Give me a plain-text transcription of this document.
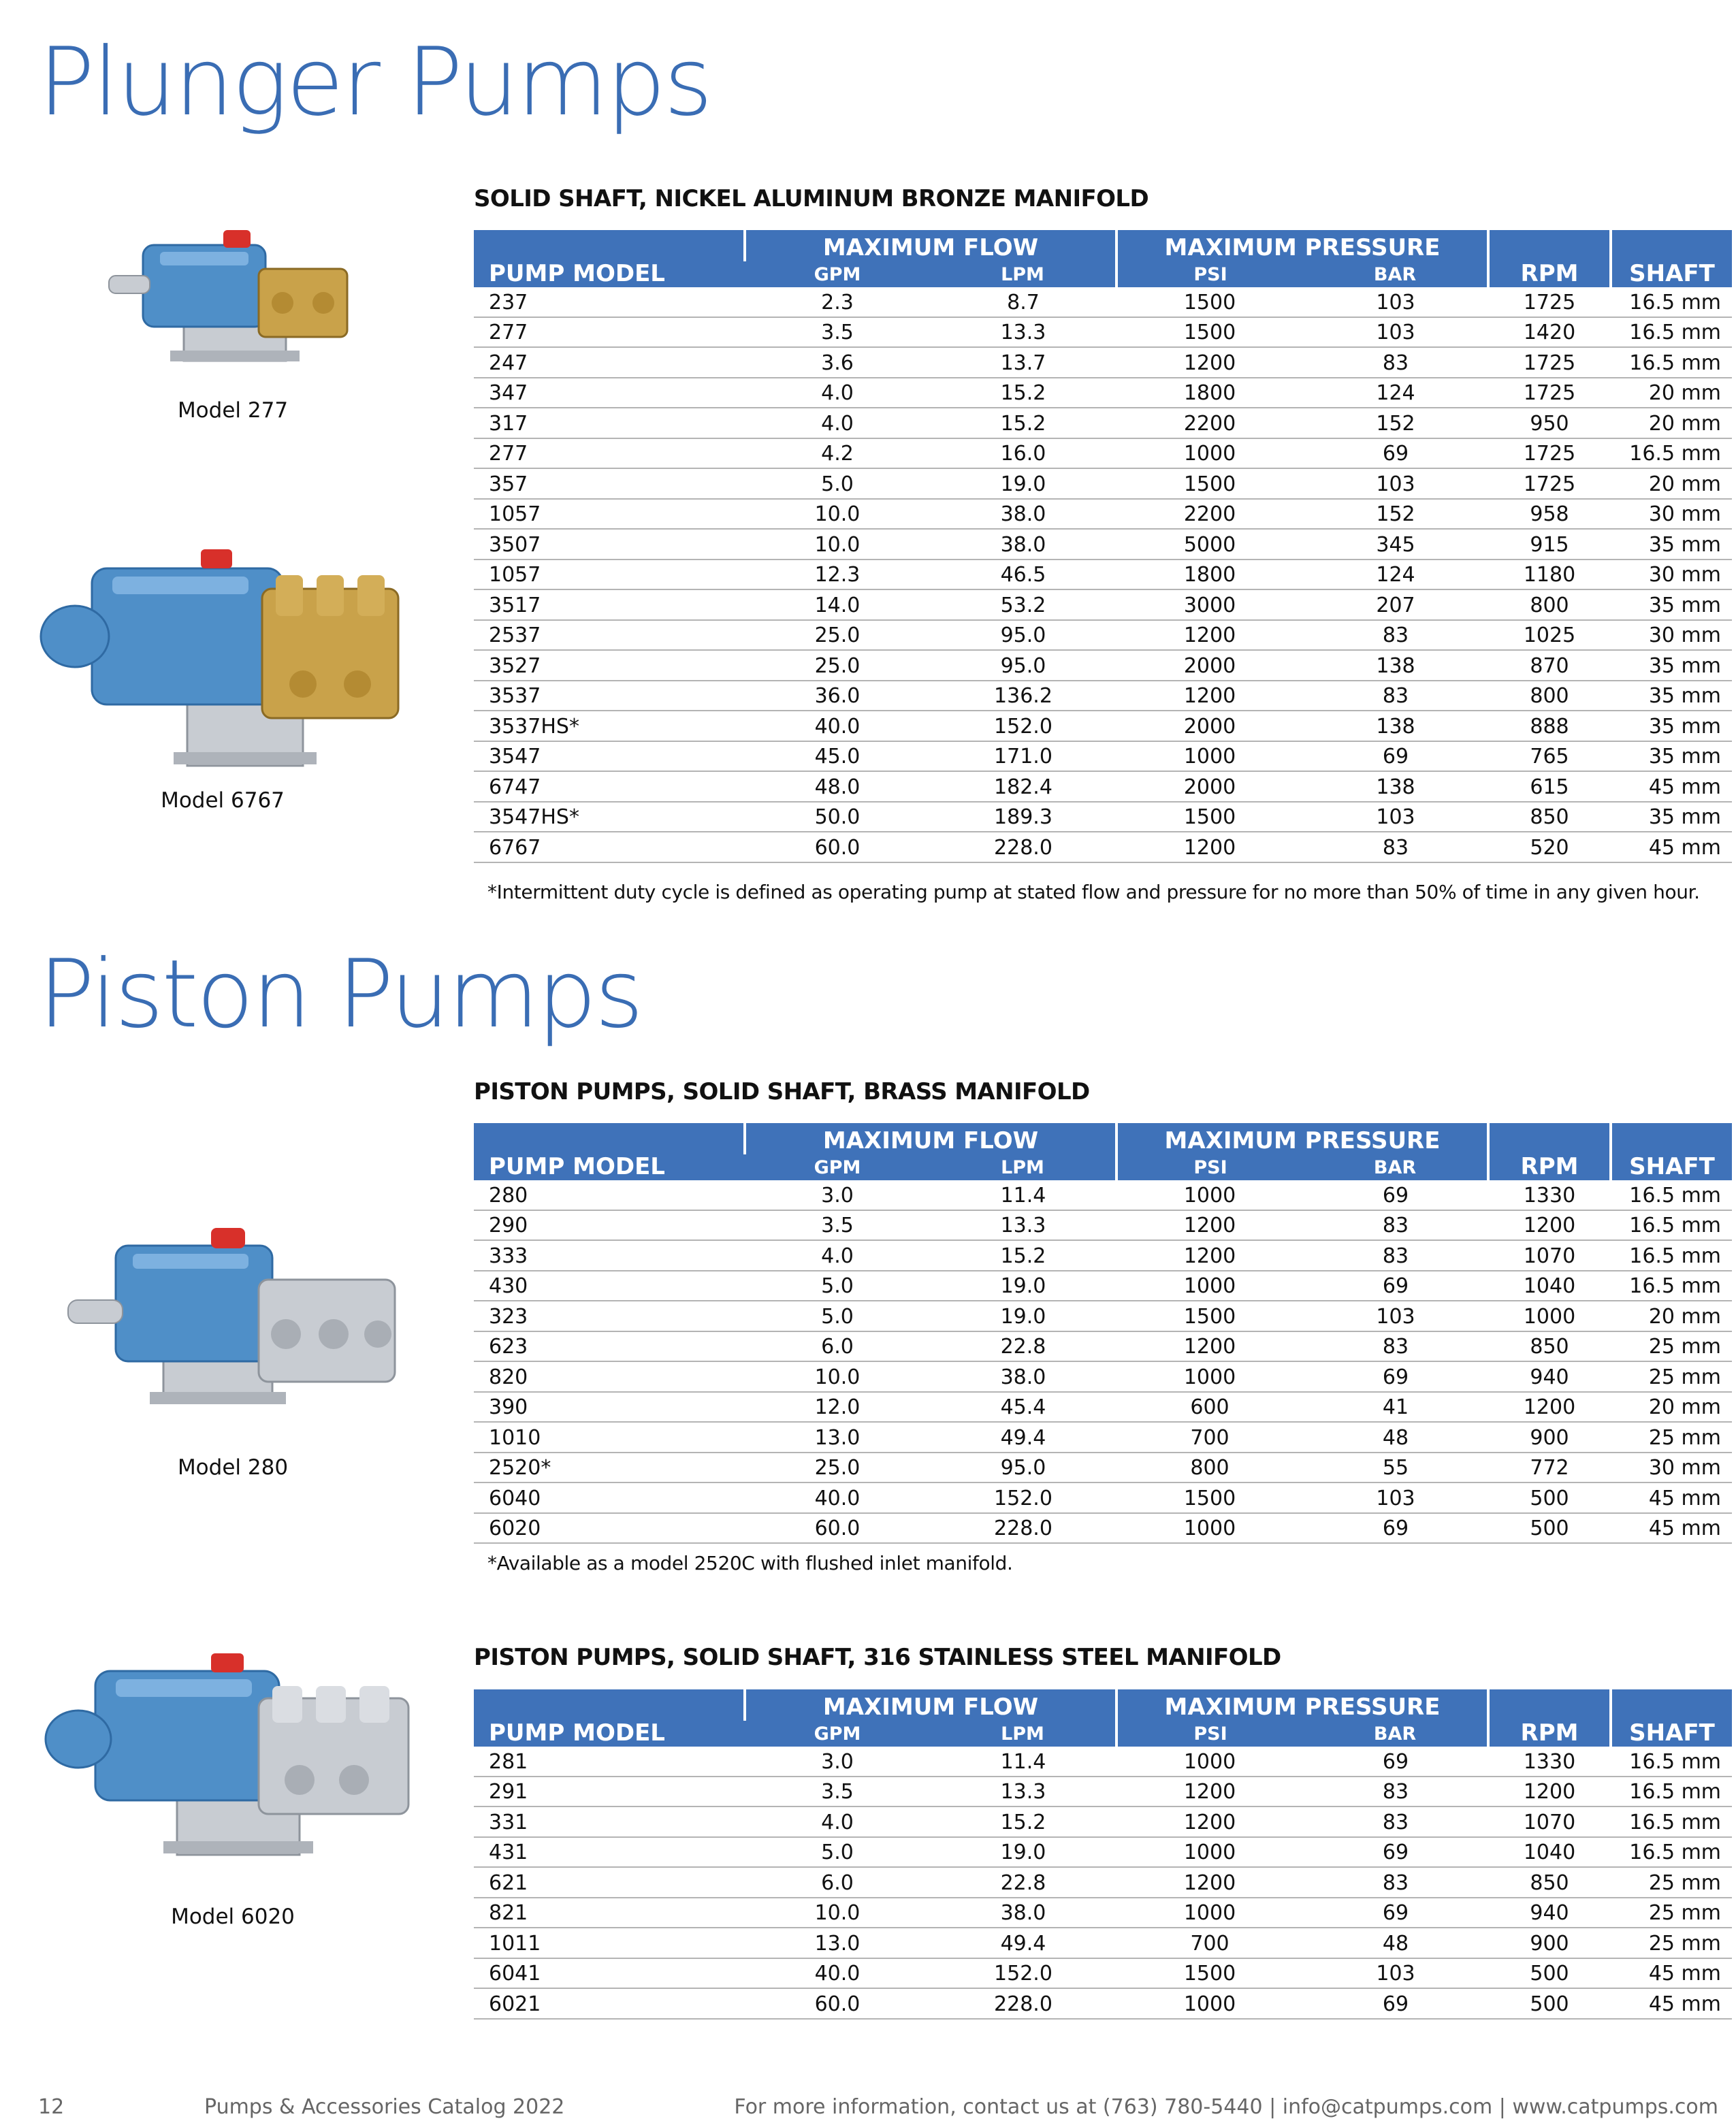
Plunger Pumps

Model 277

Model 6767

SOLID SHAFT, NICKEL ALUMINUM BRONZE MANIFOLD
PUMP MODEL	MAXIMUM FLOW		MAXIMUM PRESSURE		RPM	SHAFT
	GPM	LPM	PSI	BAR		
237	2.3	8.7	1500	103	1725	16.5 mm
277	3.5	13.3	1500	103	1420	16.5 mm
247	3.6	13.7	1200	83	1725	16.5 mm
347	4.0	15.2	1800	124	1725	20 mm
317	4.0	15.2	2200	152	950	20 mm
277	4.2	16.0	1000	69	1725	16.5 mm
357	5.0	19.0	1500	103	1725	20 mm
1057	10.0	38.0	2200	152	958	30 mm
3507	10.0	38.0	5000	345	915	35 mm
1057	12.3	46.5	1800	124	1180	30 mm
3517	14.0	53.2	3000	207	800	35 mm
2537	25.0	95.0	1200	83	1025	30 mm
3527	25.0	95.0	2000	138	870	35 mm
3537	36.0	136.2	1200	83	800	35 mm
3537HS*	40.0	152.0	2000	138	888	35 mm
3547	45.0	171.0	1000	69	765	35 mm
6747	48.0	182.4	2000	138	615	45 mm
3547HS*	50.0	189.3	1500	103	850	35 mm
6767	60.0	228.0	1200	83	520	45 mm

*Intermittent duty cycle is defined as operating pump at stated flow and pressure for no more than 50% of time in any given hour.

Piston Pumps

Model 280

PISTON PUMPS, SOLID SHAFT, BRASS MANIFOLD
PUMP MODEL	MAXIMUM FLOW		MAXIMUM PRESSURE		RPM	SHAFT
	GPM	LPM	PSI	BAR		
280	3.0	11.4	1000	69	1330	16.5 mm
290	3.5	13.3	1200	83	1200	16.5 mm
333	4.0	15.2	1200	83	1070	16.5 mm
430	5.0	19.0	1000	69	1040	16.5 mm
323	5.0	19.0	1500	103	1000	20 mm
623	6.0	22.8	1200	83	850	25 mm
820	10.0	38.0	1000	69	940	25 mm
390	12.0	45.4	600	41	1200	20 mm
1010	13.0	49.4	700	48	900	25 mm
2520*	25.0	95.0	800	55	772	30 mm
6040	40.0	152.0	1500	103	500	45 mm
6020	60.0	228.0	1000	69	500	45 mm

*Available as a model 2520C with flushed inlet manifold.

Model 6020

PISTON PUMPS, SOLID SHAFT, 316 STAINLESS STEEL MANIFOLD
PUMP MODEL	MAXIMUM FLOW		MAXIMUM PRESSURE		RPM	SHAFT
	GPM	LPM	PSI	BAR		
281	3.0	11.4	1000	69	1330	16.5 mm
291	3.5	13.3	1200	83	1200	16.5 mm
331	4.0	15.2	1200	83	1070	16.5 mm
431	5.0	19.0	1000	69	1040	16.5 mm
621	6.0	22.8	1200	83	850	25 mm
821	10.0	38.0	1000	69	940	25 mm
1011	13.0	49.4	700	48	900	25 mm
6041	40.0	152.0	1500	103	500	45 mm
6021	60.0	228.0	1000	69	500	45 mm

12	Pumps & Accessories Catalog 2022	For more information, contact us at (763) 780-5440 | info@catpumps.com | www.catpumps.com
